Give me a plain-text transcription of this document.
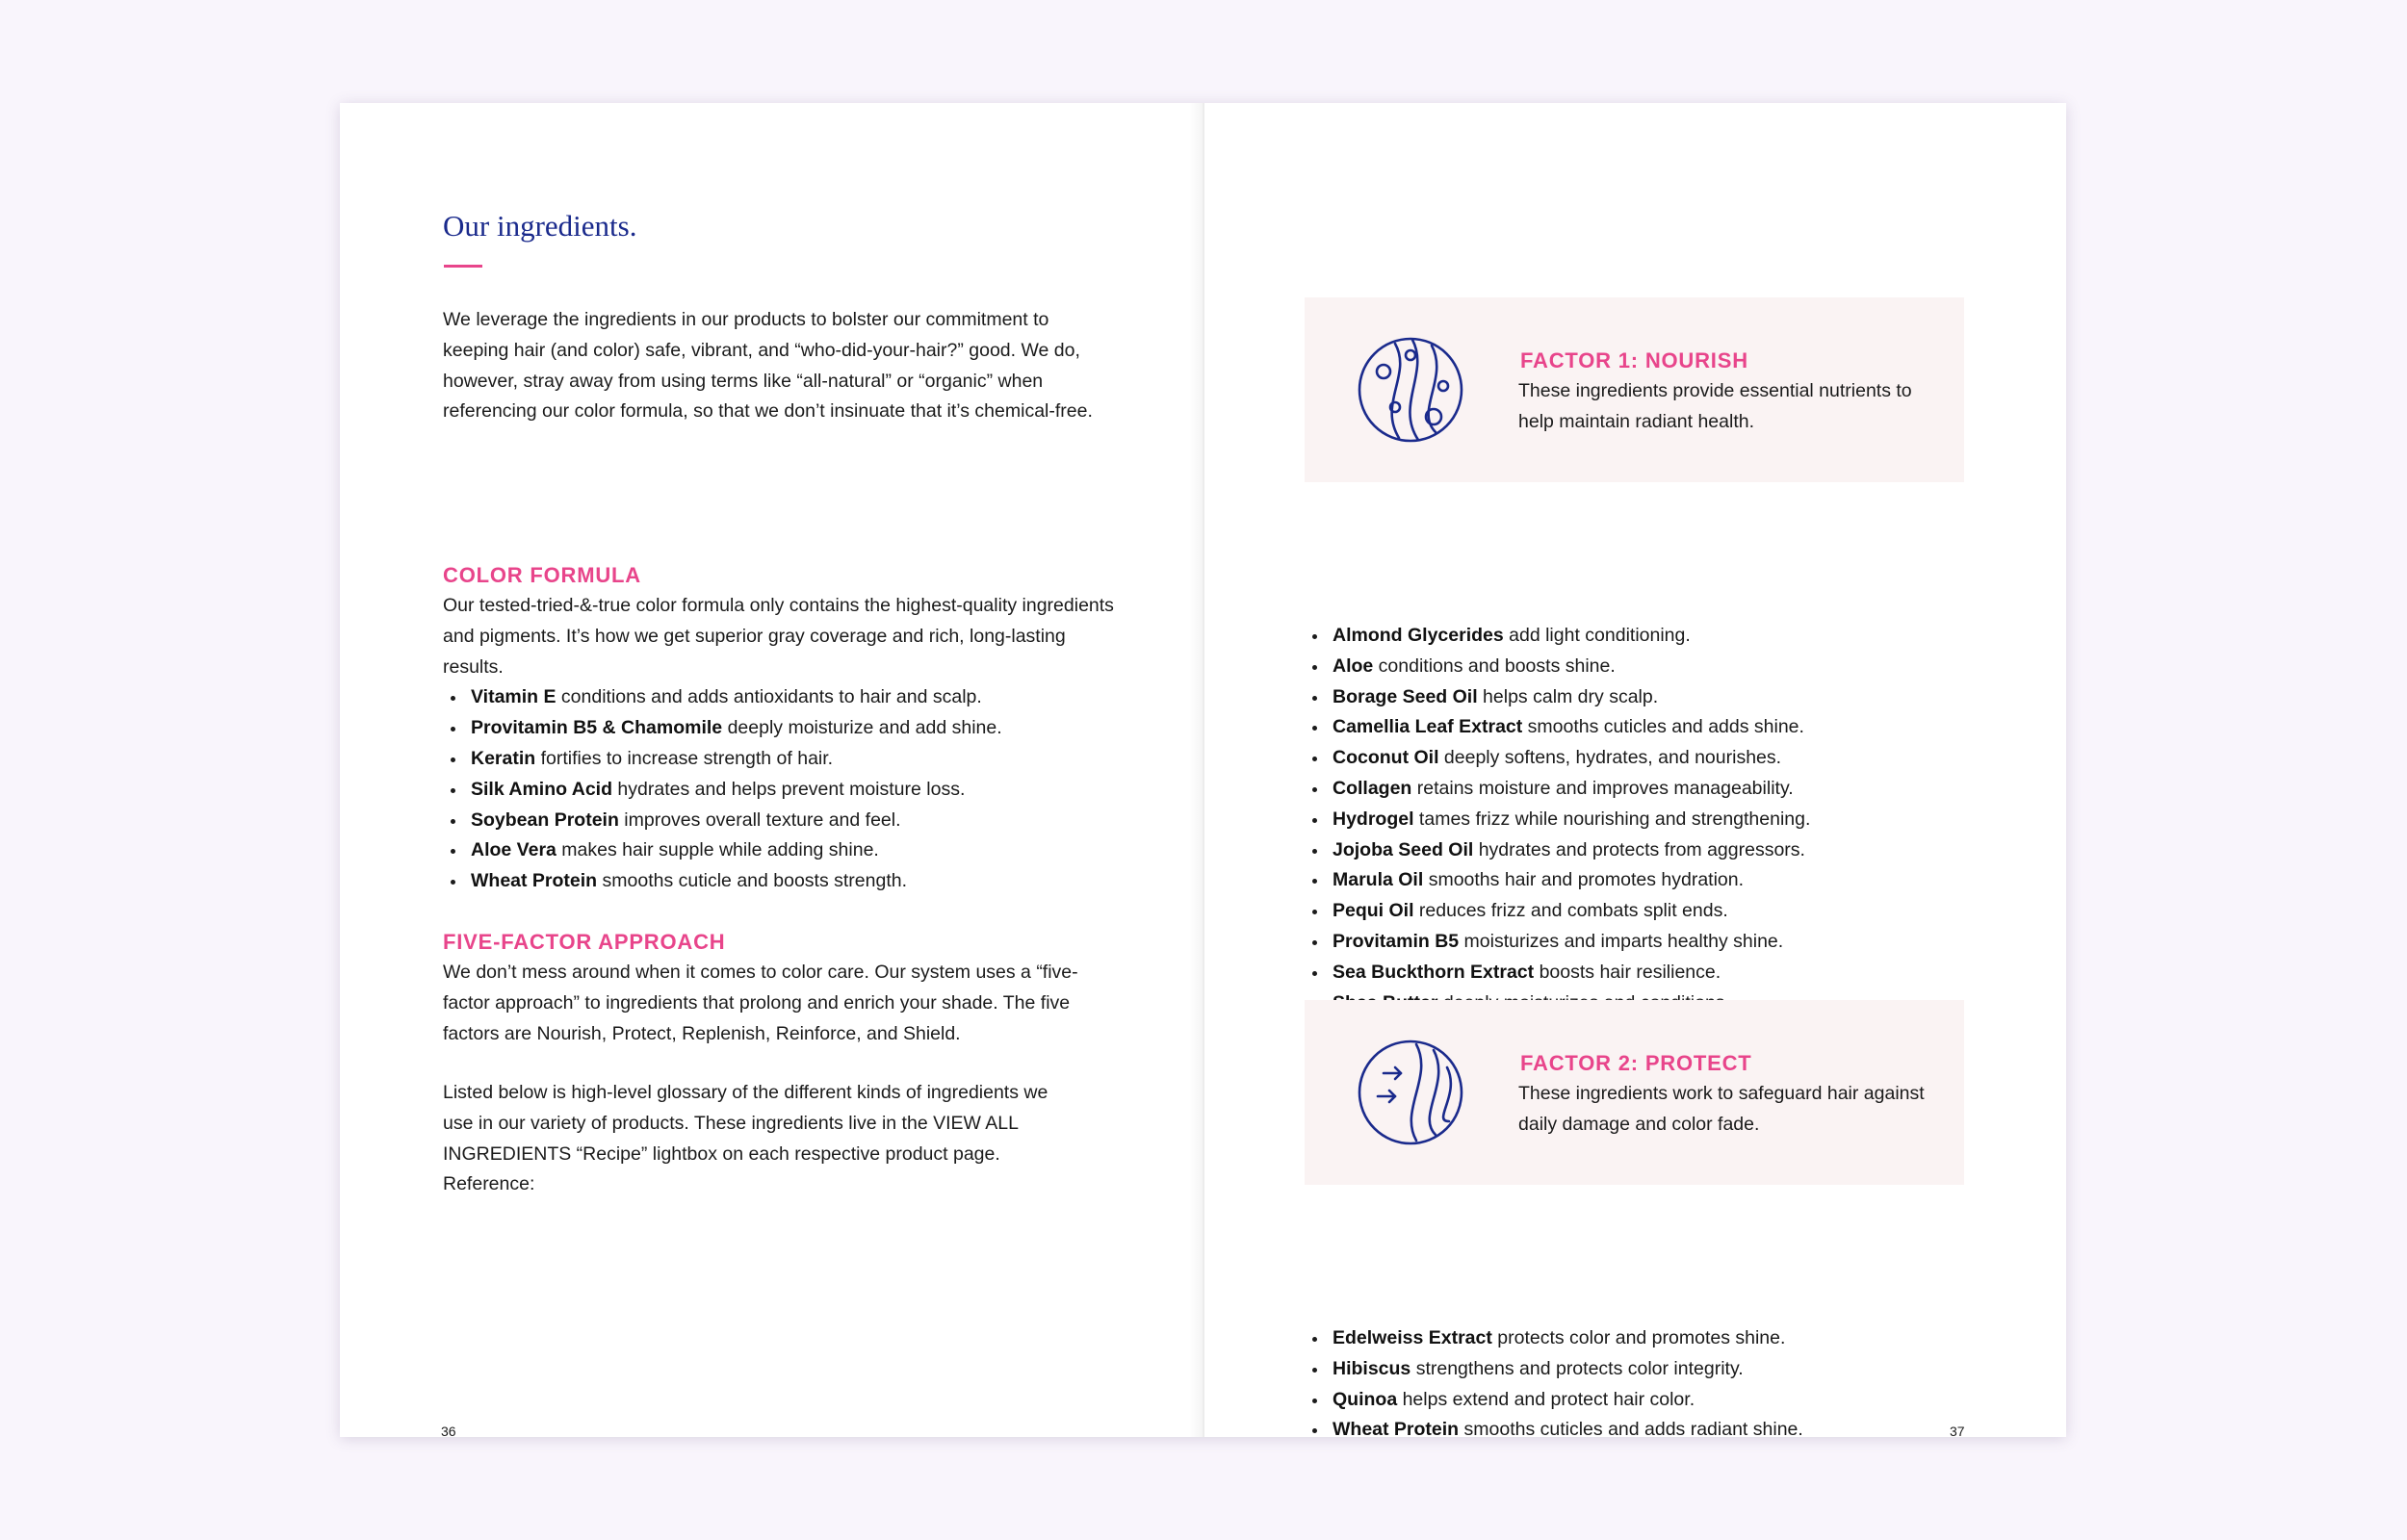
Our ingredients.

We leverage the ingredients in our products to bolster our commitment to keeping hair (and color) safe, vibrant, and “who-did-your-hair?” good. We do, however, stray away from using terms like “all-natural” or “organic” when referencing our color formula, so that we don’t insinuate that it’s chemical-free.

COLOR FORMULA

Our tested-tried-&-true color formula only contains the highest-quality ingredients and pigments. It’s how we get superior gray coverage and rich, long-lasting results.

Vitamin E conditions and adds antioxidants to hair and scalp.
Provitamin B5 & Chamomile deeply moisturize and add shine.
Keratin fortifies to increase strength of hair.
Silk Amino Acid hydrates and helps prevent moisture loss.
Soybean Protein improves overall texture and feel.
Aloe Vera makes hair supple while adding shine.
Wheat Protein smooths cuticle and boosts strength.
FIVE-FACTOR APPROACH

We don’t mess around when it comes to color care. Our system uses a “five-factor approach” to ingredients that prolong and enrich your shade. The five factors are Nourish, Protect, Replenish, Reinforce, and Shield.

Listed below is high-level glossary of the different kinds of ingredients we use in our variety of products. These ingredients live in the VIEW ALL INGREDIENTS “Recipe” lightbox on each respective product page. Reference:

36
FACTOR 1: NOURISH

These ingredients provide essential nutrients to help maintain radiant health.

Almond Glycerides add light conditioning.
Aloe conditions and boosts shine.
Borage Seed Oil helps calm dry scalp.
Camellia Leaf Extract smooths cuticles and adds shine.
Coconut Oil deeply softens, hydrates, and nourishes.
Collagen retains moisture and improves manageability.
Hydrogel tames frizz while nourishing and strengthening.
Jojoba Seed Oil hydrates and protects from aggressors.
Marula Oil smooths hair and promotes hydration.
Pequi Oil reduces frizz and combats split ends.
Provitamin B5 moisturizes and imparts healthy shine.
Sea Buckthorn Extract boosts hair resilience.
FACTOR 2: PROTECT

These ingredients work to safeguard hair against daily damage and color fade.

Edelweiss Extract protects color and promotes shine.
Hibiscus strengthens and protects color integrity.
Quinoa helps extend and protect hair color.
Wheat Protein smooths cuticles and adds radiant shine.	37
